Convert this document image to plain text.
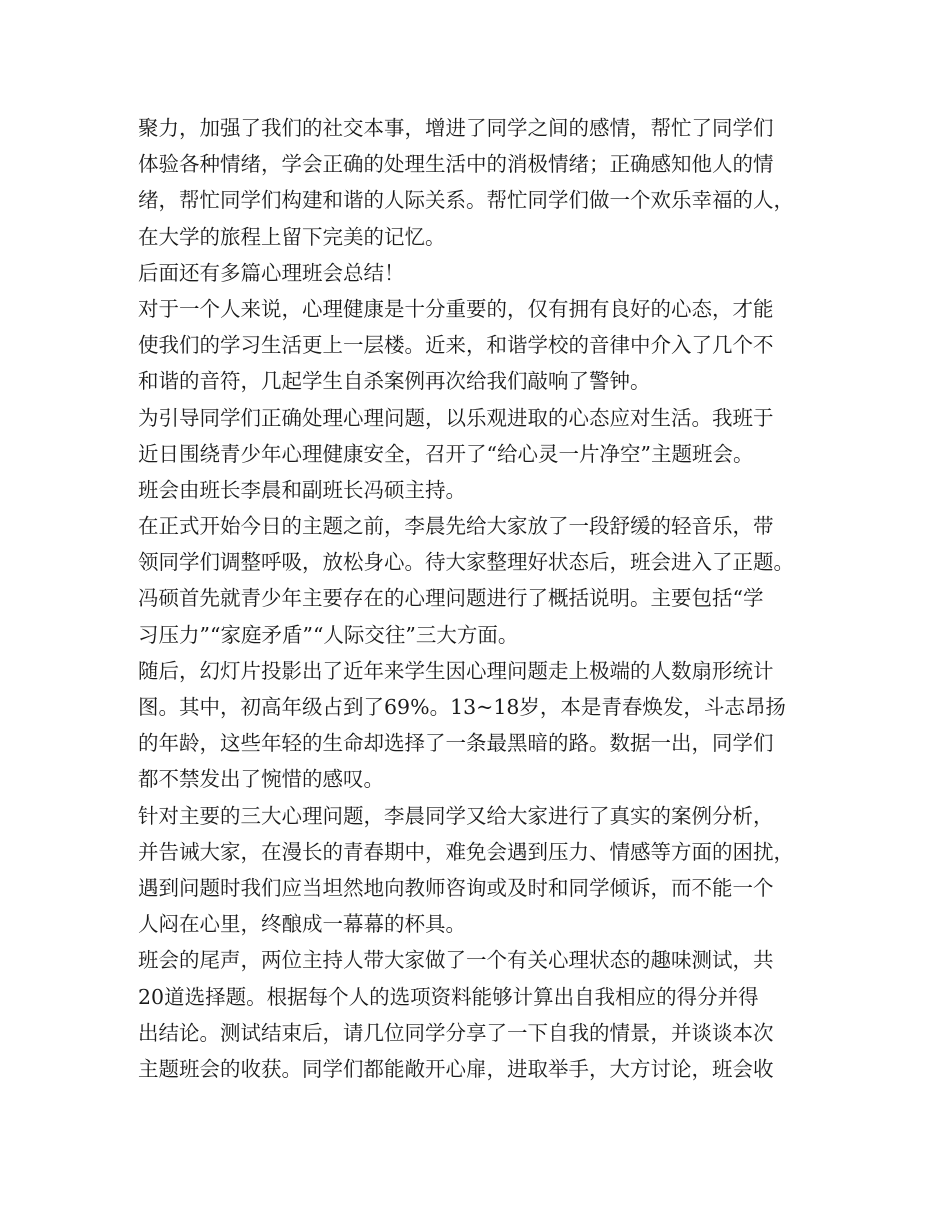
聚力，加强了我们的社交本事，增进了同学之间的感情，帮忙了同学们
体验各种情绪，学会正确的处理生活中的消极情绪；正确感知他人的情
绪，帮忙同学们构建和谐的人际关系。帮忙同学们做一个欢乐幸福的人，
在大学的旅程上留下完美的记忆。
后面还有多篇心理班会总结！
对于一个人来说，心理健康是十分重要的，仅有拥有良好的心态，才能
使我们的学习生活更上一层楼。近来，和谐学校的音律中介入了几个不
和谐的音符，几起学生自杀案例再次给我们敲响了警钟。
为引导同学们正确处理心理问题，以乐观进取的心态应对生活。我班于
近日围绕青少年心理健康安全，召开了“给心灵一片净空”主题班会。
班会由班长李晨和副班长冯硕主持。
在正式开始今日的主题之前，李晨先给大家放了一段舒缓的轻音乐，带
领同学们调整呼吸，放松身心。待大家整理好状态后，班会进入了正题。
冯硕首先就青少年主要存在的心理问题进行了概括说明。主要包括“学
习压力”“家庭矛盾”“人际交往”三大方面。
随后，幻灯片投影出了近年来学生因心理问题走上极端的人数扇形统计
图。其中，初高年级占到了69%。13~18岁，本是青春焕发，斗志昂扬
的年龄，这些年轻的生命却选择了一条最黑暗的路。数据一出，同学们
都不禁发出了惋惜的感叹。
针对主要的三大心理问题，李晨同学又给大家进行了真实的案例分析，
并告诫大家，在漫长的青春期中，难免会遇到压力、情感等方面的困扰，
遇到问题时我们应当坦然地向教师咨询或及时和同学倾诉，而不能一个
人闷在心里，终酿成一幕幕的杯具。
班会的尾声，两位主持人带大家做了一个有关心理状态的趣味测试，共
20道选择题。根据每个人的选项资料能够计算出自我相应的得分并得
出结论。测试结束后，请几位同学分享了一下自我的情景，并谈谈本次
主题班会的收获。同学们都能敞开心扉，进取举手，大方讨论，班会收
